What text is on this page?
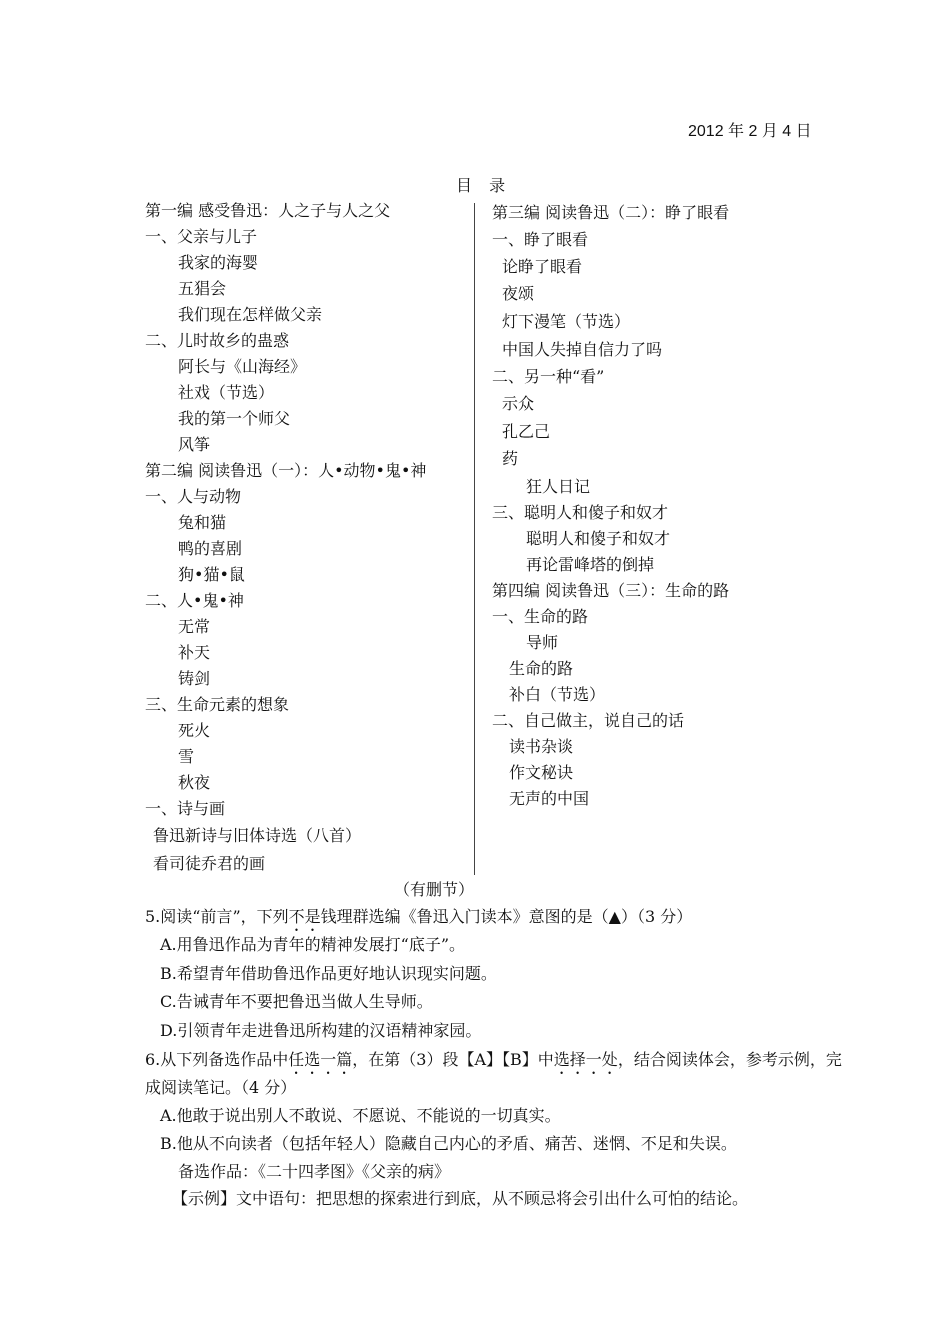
2012 年 2 月 4 日
目 录
第一编 感受鲁迅：人之子与人之父
一、父亲与儿子
我家的海婴
五猖会
我们现在怎样做父亲
二、儿时故乡的蛊惑
阿长与《山海经》
社戏（节选）
我的第一个师父
风筝
第二编 阅读鲁迅（一）：人•动物•鬼•神
一、人与动物
兔和猫
鸭的喜剧
狗•猫•鼠
二、人•鬼•神
无常
补天
铸剑
三、生命元素的想象
死火
雪
秋夜
一、诗与画
鲁迅新诗与旧体诗选（八首）
看司徒乔君的画
第三编 阅读鲁迅（二）：睁了眼看
一、睁了眼看
论睁了眼看
夜颂
灯下漫笔（节选）
中国人失掉自信力了吗
二、另一种“看”
示众
孔乙己
药
狂人日记
三、聪明人和傻子和奴才
聪明人和傻子和奴才
再论雷峰塔的倒掉
第四编 阅读鲁迅（三）：生命的路
一、生命的路
导师
生命的路
补白（节选）
二、自己做主，说自己的话
读书杂谈
作文秘诀
无声的中国
（有删节）
5.阅读“前言”，下列不是钱理群选编《鲁迅入门读本》意图的是（▲）（3 分）
A.用鲁迅作品为青年的精神发展打“底子”。
B.希望青年借助鲁迅作品更好地认识现实问题。
C.告诫青年不要把鲁迅当做人生导师。
D.引领青年走进鲁迅所构建的汉语精神家园。
6.从下列备选作品中任选一篇，在第（3）段【A】【B】中选择一处，结合阅读体会，参考示例，完
成阅读笔记。（4 分）
A.他敢于说出别人不敢说、不愿说、不能说的一切真实。
B.他从不向读者（包括年轻人）隐藏自己内心的矛盾、痛苦、迷惘、不足和失误。
备选作品：《二十四孝图》《父亲的病》
【示例】文中语句：把思想的探索进行到底，从不顾忌将会引出什么可怕的结论。
